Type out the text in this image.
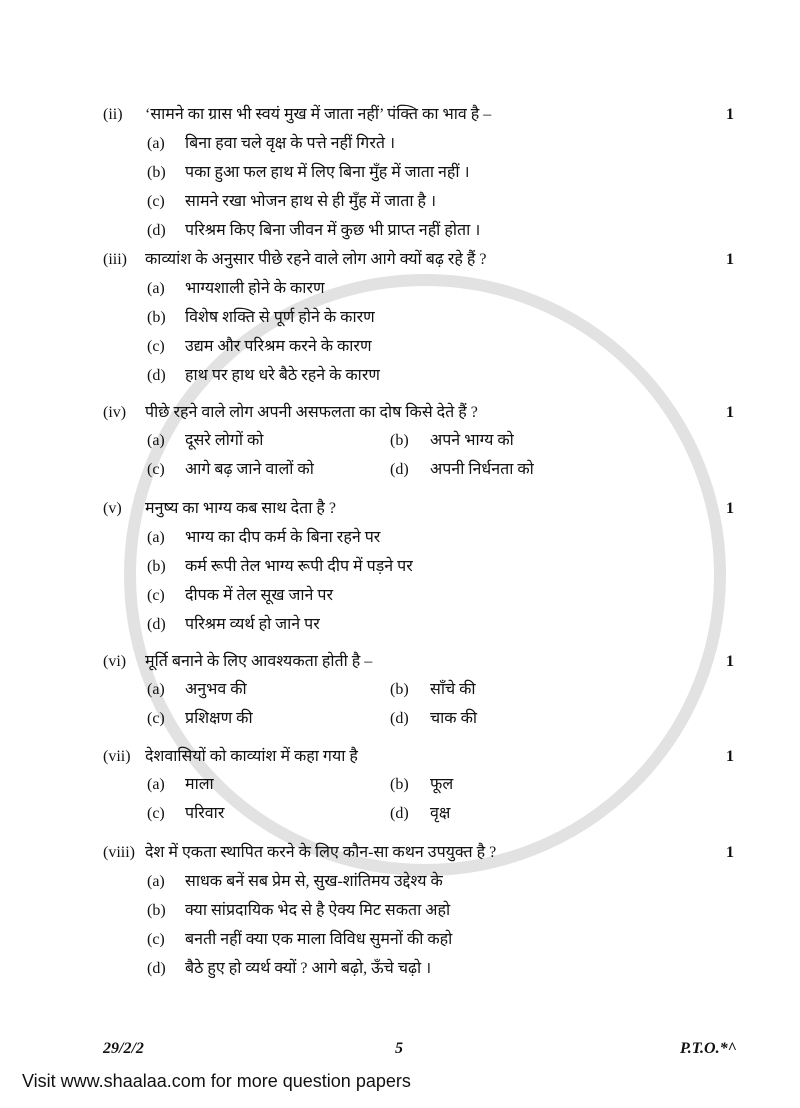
(ii) ‘सामने का ग्रास भी स्वयं मुख में जाता नहीं’ पंक्ति का भाव है –	1
(a) बिना हवा चले वृक्ष के पत्ते नहीं गिरते ।
(b) पका हुआ फल हाथ में लिए बिना मुँह में जाता नहीं ।
(c) सामने रखा भोजन हाथ से ही मुँह में जाता है ।
(d) परिश्रम किए बिना जीवन में कुछ भी प्राप्त नहीं होता ।
(iii) काव्यांश के अनुसार पीछे रहने वाले लोग आगे क्यों बढ़ रहे हैं ?	1
(a) भाग्यशाली होने के कारण
(b) विशेष शक्ति से पूर्ण होने के कारण
(c) उद्यम और परिश्रम करने के कारण
(d) हाथ पर हाथ धरे बैठे रहने के कारण
(iv) पीछे रहने वाले लोग अपनी असफलता का दोष किसे देते हैं ?	1
(a) दूसरे लोगों को	(b) अपने भाग्य को
(c) आगे बढ़ जाने वालों को	(d) अपनी निर्धनता को
(v) मनुष्य का भाग्य कब साथ देता है ?	1
(a) भाग्य का दीप कर्म के बिना रहने पर
(b) कर्म रूपी तेल भाग्य रूपी दीप में पड़ने पर
(c) दीपक में तेल सूख जाने पर
(d) परिश्रम व्यर्थ हो जाने पर
(vi) मूर्ति बनाने के लिए आवश्यकता होती है –	1
(a) अनुभव की	(b) साँचे की
(c) प्रशिक्षण की	(d) चाक की
(vii) देशवासियों को काव्यांश में कहा गया है	1
(a) माला	(b) फूल
(c) परिवार	(d) वृक्ष
(viii) देश में एकता स्थापित करने के लिए कौन-सा कथन उपयुक्त है ?	1
(a) साधक बनें सब प्रेम से, सुख-शांतिमय उद्देश्य के
(b) क्या सांप्रदायिक भेद से है ऐक्य मिट सकता अहो
(c) बनती नहीं क्या एक माला विविध सुमनों की कहो
(d) बैठे हुए हो व्यर्थ क्यों ? आगे बढ़ो, ऊँचे चढ़ो ।
29/2/2	5	P.T.O.*^
Visit www.shaalaa.com for more question papers
